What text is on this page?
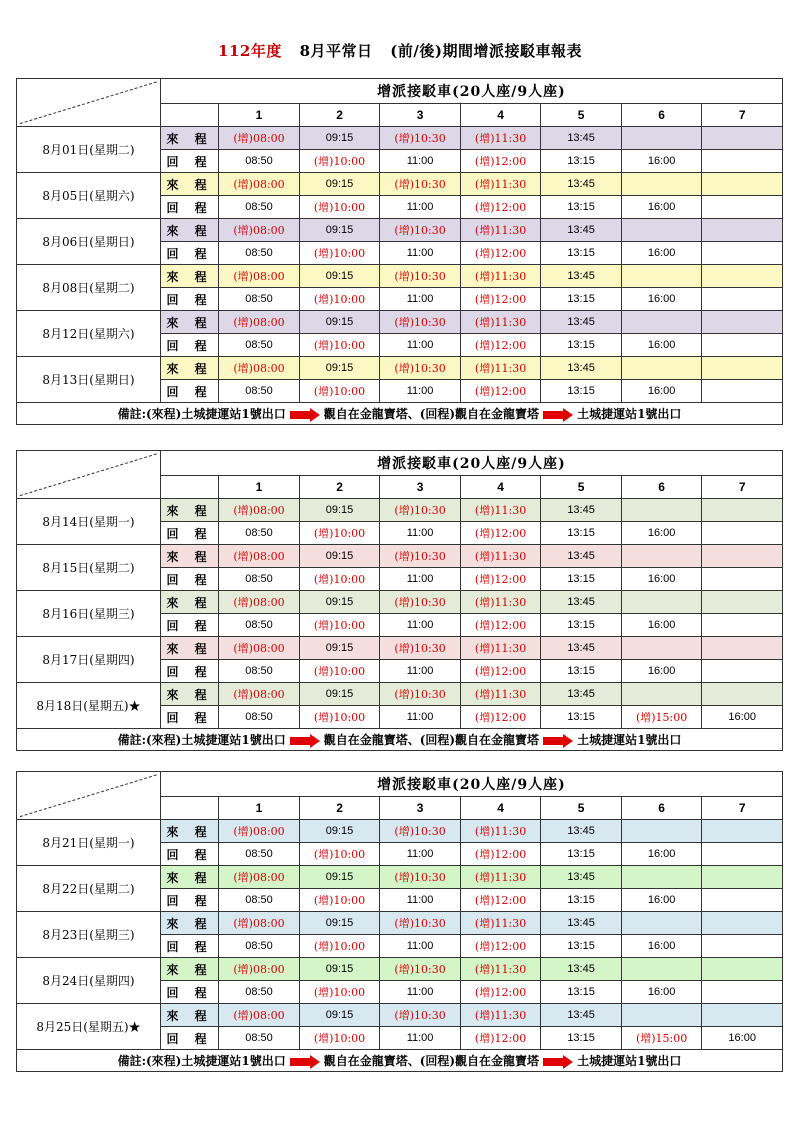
112年度 8月平常日 (前/後)期間增派接駁車報表
	增派接駁車(20人座/9人座)							
		1	2	3	4	5	6	7
8月01日(星期二)	來 程	(增)08:00	09:15	(增)10:30	(增)11:30	13:45		
	回 程	08:50	(增)10:00	11:00	(增)12:00	13:15	16:00	
8月05日(星期六)	來 程	(增)08:00	09:15	(增)10:30	(增)11:30	13:45		
	回 程	08:50	(增)10:00	11:00	(增)12:00	13:15	16:00	
8月06日(星期日)	來 程	(增)08:00	09:15	(增)10:30	(增)11:30	13:45		
	回 程	08:50	(增)10:00	11:00	(增)12:00	13:15	16:00	
8月08日(星期二)	來 程	(增)08:00	09:15	(增)10:30	(增)11:30	13:45		
	回 程	08:50	(增)10:00	11:00	(增)12:00	13:15	16:00	
8月12日(星期六)	來 程	(增)08:00	09:15	(增)10:30	(增)11:30	13:45		
	回 程	08:50	(增)10:00	11:00	(增)12:00	13:15	16:00	
8月13日(星期日)	來 程	(增)08:00	09:15	(增)10:30	(增)11:30	13:45		
	回 程	08:50	(增)10:00	11:00	(增)12:00	13:15	16:00	
備註:(來程)土城捷運站1號出口 觀自在金龍寶塔、(回程)觀自在金龍寶塔 土城捷運站1號出口								
	增派接駁車(20人座/9人座)							
		1	2	3	4	5	6	7
8月14日(星期一)	來 程	(增)08:00	09:15	(增)10:30	(增)11:30	13:45		
	回 程	08:50	(增)10:00	11:00	(增)12:00	13:15	16:00	
8月15日(星期二)	來 程	(增)08:00	09:15	(增)10:30	(增)11:30	13:45		
	回 程	08:50	(增)10:00	11:00	(增)12:00	13:15	16:00	
8月16日(星期三)	來 程	(增)08:00	09:15	(增)10:30	(增)11:30	13:45		
	回 程	08:50	(增)10:00	11:00	(增)12:00	13:15	16:00	
8月17日(星期四)	來 程	(增)08:00	09:15	(增)10:30	(增)11:30	13:45		
	回 程	08:50	(增)10:00	11:00	(增)12:00	13:15	16:00	
8月18日(星期五)★	來 程	(增)08:00	09:15	(增)10:30	(增)11:30	13:45		
	回 程	08:50	(增)10:00	11:00	(增)12:00	13:15	(增)15:00	16:00
備註:(來程)土城捷運站1號出口 觀自在金龍寶塔、(回程)觀自在金龍寶塔 土城捷運站1號出口								
	增派接駁車(20人座/9人座)							
		1	2	3	4	5	6	7
8月21日(星期一)	來 程	(增)08:00	09:15	(增)10:30	(增)11:30	13:45		
	回 程	08:50	(增)10:00	11:00	(增)12:00	13:15	16:00	
8月22日(星期二)	來 程	(增)08:00	09:15	(增)10:30	(增)11:30	13:45		
	回 程	08:50	(增)10:00	11:00	(增)12:00	13:15	16:00	
8月23日(星期三)	來 程	(增)08:00	09:15	(增)10:30	(增)11:30	13:45		
	回 程	08:50	(增)10:00	11:00	(增)12:00	13:15	16:00	
8月24日(星期四)	來 程	(增)08:00	09:15	(增)10:30	(增)11:30	13:45		
	回 程	08:50	(增)10:00	11:00	(增)12:00	13:15	16:00	
8月25日(星期五)★	來 程	(增)08:00	09:15	(增)10:30	(增)11:30	13:45		
	回 程	08:50	(增)10:00	11:00	(增)12:00	13:15	(增)15:00	16:00
備註:(來程)土城捷運站1號出口 觀自在金龍寶塔、(回程)觀自在金龍寶塔 土城捷運站1號出口								
